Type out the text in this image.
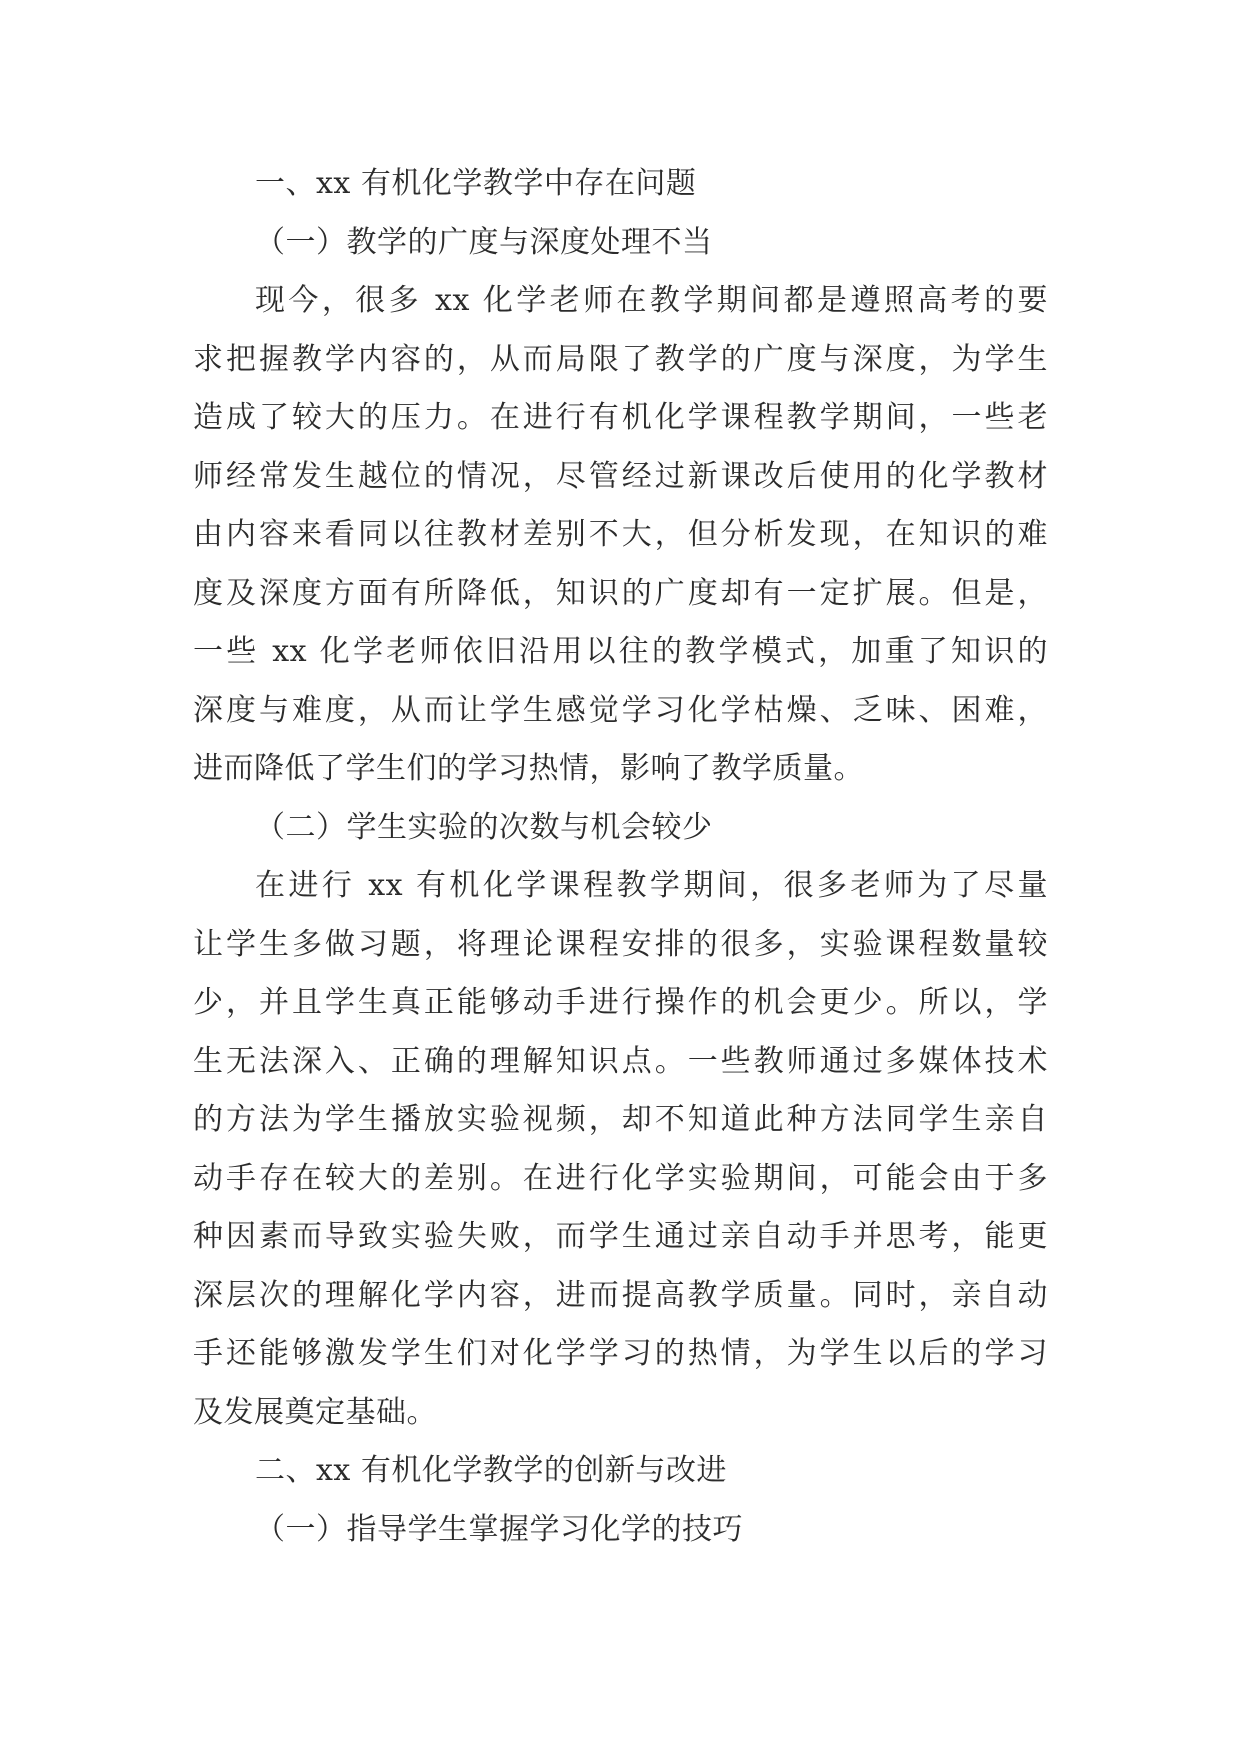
一、xx 有机化学教学中存在问题
（一）教学的广度与深度处理不当
现今，很多 xx 化学老师在教学期间都是遵照高考的要
求把握教学内容的，从而局限了教学的广度与深度，为学生
造成了较大的压力。在进行有机化学课程教学期间，一些老
师经常发生越位的情况，尽管经过新课改后使用的化学教材
由内容来看同以往教材差别不大，但分析发现，在知识的难
度及深度方面有所降低，知识的广度却有一定扩展。但是，
一些 xx 化学老师依旧沿用以往的教学模式，加重了知识的
深度与难度，从而让学生感觉学习化学枯燥、乏味、困难，
进而降低了学生们的学习热情，影响了教学质量。
（二）学生实验的次数与机会较少
在进行 xx 有机化学课程教学期间，很多老师为了尽量
让学生多做习题，将理论课程安排的很多，实验课程数量较
少，并且学生真正能够动手进行操作的机会更少。所以，学
生无法深入、正确的理解知识点。一些教师通过多媒体技术
的方法为学生播放实验视频，却不知道此种方法同学生亲自
动手存在较大的差别。在进行化学实验期间，可能会由于多
种因素而导致实验失败，而学生通过亲自动手并思考，能更
深层次的理解化学内容，进而提高教学质量。同时，亲自动
手还能够激发学生们对化学学习的热情，为学生以后的学习
及发展奠定基础。
二、xx 有机化学教学的创新与改进
（一）指导学生掌握学习化学的技巧
